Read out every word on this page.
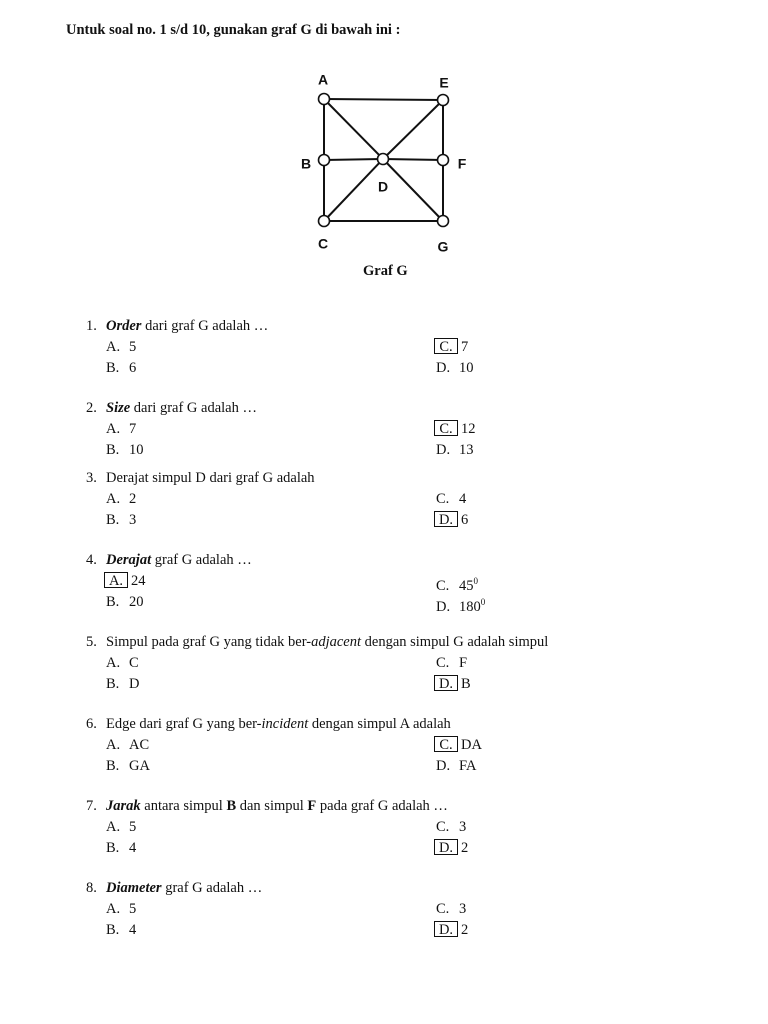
Untuk soal no. 1 s/d 10, gunakan graf G di bawah ini :
A	E
B
D
F
C	G
Graf G
1. Order dari graf G adalah …
A. 5
B. 6
C. 7
D. 10
2. Size dari graf G adalah …
A. 7
B. 10
C. 12
D. 13
3. Derajat simpul D dari graf G adalah
A. 2
B. 3
C. 4
D. 6
4. Derajat graf G adalah …
A. 24
B. 20
C. $45^0$
D. $180^0$
5. Simpul pada graf G yang tidak ber-adjacent dengan simpul G adalah simpul
A. C
B. D
C. F
D. B
6. Edge dari graf G yang ber-incident dengan simpul A adalah
A. AC
B. GA
C. DA
D. FA
7. Jarak antara simpul B dan simpul F pada graf G adalah …
A. 5
B. 4
C. 3
D. 2
8. Diameter graf G adalah …
A. 5
B. 4
C. 3
D. 2
